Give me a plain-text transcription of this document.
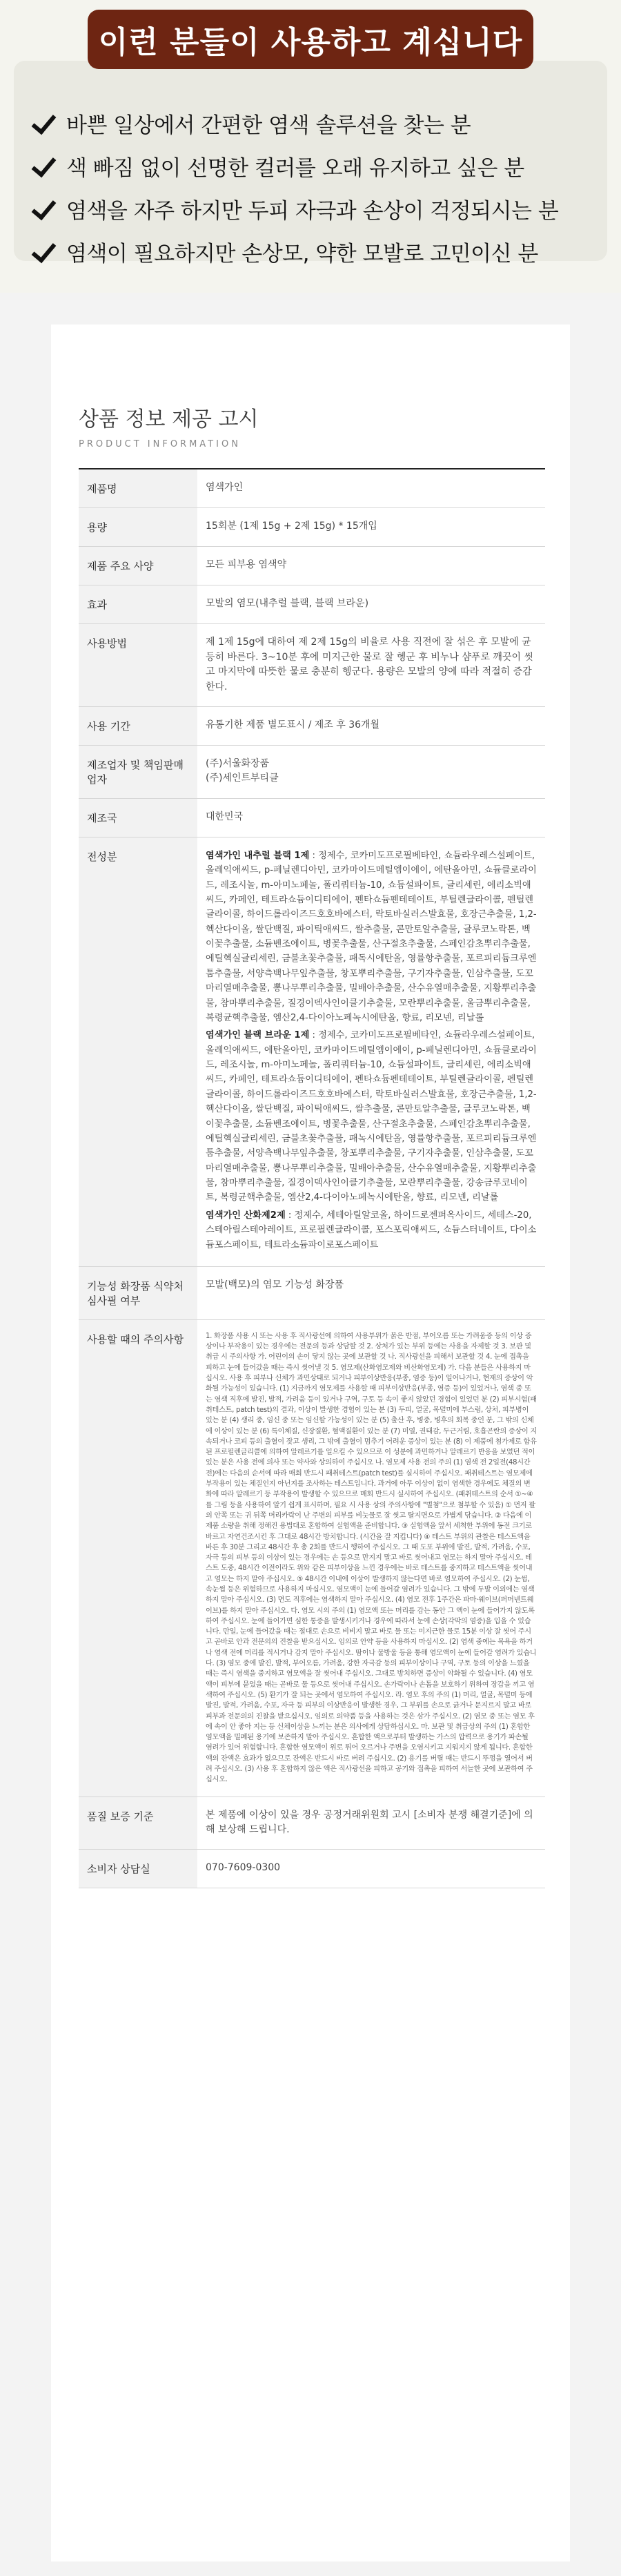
이런 분들이 사용하고 계십니다
바쁜 일상에서 간편한 염색 솔루션을 찾는 분
색 빠짐 없이 선명한 컬러를 오래 유지하고 싶은 분
염색을 자주 하지만 두피 자극과 손상이 걱정되시는 분
염색이 필요하지만 손상모, 약한 모발로 고민이신 분
상품 정보 제공 고시
PRODUCT INFORMATION
제품명	염색가인
용량	15회분 (1제 15g + 2제 15g) * 15개입
제품 주요 사양	모든 피부용 염색약
효과	모발의 염모(내추럴 블랙, 블랙 브라운)
사용방법	제 1제 15g에 대하여 제 2제 15g의 비율로 사용 직전에 잘 섞은 후 모발에 균등히 바른다. 3~10분 후에 미지근한 물로 잘 헹군 후 비누나 샴푸로 깨끗이 씻고 마지막에 따뜻한 물로 충분히 헹군다. 용량은 모발의 양에 따라 적절히 증감한다.
사용 기간	유통기한 제품 별도표시 / 제조 후 36개월
제조업자 및 책임판매업자	(주)서울화장품
(주)세인트부티클
제조국	대한민국
전성분	염색가인 내추럴 블랙 1제 : 정제수, 코카미도프로필베타인, 쇼듐라우레스설페이트, 올레익애씨드, p-페닐렌디아민, 코카마이드메틸엠이에이, 에탄올아민, 쇼듐클로라이드, 레조시놀, m-아미노페놀, 폴리쿼터늄-10, 쇼듐설파이트, 글리세린, 에리소빅애씨드, 카페인, 테트라쇼듐이디티에이, 펜타쇼듐펜테테이트, 부틸렌글라이콜, 펜틸렌글라이콜, 하이드롤라이즈드호호바에스터, 락토바실러스발효물, 호장근추출물, 1,2-헥산다이올, 쌀단백질, 파이틱애씨드, 쌀추출물, 콘만토알추출물, 글루코노락톤, 벡이꽃추출물, 소듐벤조에이트, 병꽃추출물, 산구절초추출물, 스페인감초뿌리추출물, 에틸헥실글리세린, 금불초꽃추출물, 패독시에탄올, 영률항추출물, 포르피리듐크루엔툼추출물, 서양측백나무잎추출물, 창포뿌리추출물, 구기자추출물, 인삼추출물, 도꼬마리열매추출물, 뽕나무뿌리추출물, 밀배아추출물, 산수유열매추출물, 지황뿌리추출물, 참마뿌리추출물, 질경이덱사인이클기추출물, 모란뿌리추출물, 울금뿌리추출물, 복령균핵추출물, 엠산2,4-다이아노페녹시에탄올, 향료, 리모넨, 리날롤

염색가인 블랙 브라운 1제 : 정제수, 코카미도프로필베타인, 쇼듐라우레스설페이트, 올레익애씨드, 에탄올아민, 코카마이드메틸엠이에이, p-페닐렌디아민, 쇼듐클로라이드, 레조시놀, m-아미노페놀, 폴리쿼터늄-10, 쇼듐설파이트, 글리세린, 에리소빅애씨드, 카페인, 테트라쇼듐이디티에이, 펜타쇼듐펜테테이트, 부틸렌글라이콜, 펜틸렌글라이콜, 하이드롤라이즈드호호바에스터, 락토바실러스발효물, 호장근추출물, 1,2-헥산다이올, 쌀단백질, 파이틱애씨드, 쌀추출물, 콘만토알추출물, 글루코노락톤, 백이꽃추출물, 소듐벤조에이트, 병꽃추출물, 산구절초추출물, 스페인감초뿌리추출물, 에틸헥실글리세린, 금불초꽃추출물, 패녹시에탄올, 영률항추출물, 포르피리듐크루엔툼추출물, 서양측백나무잎추출물, 창포뿌리추출물, 구기자추출물, 인삼추출물, 도꼬마리열매추출물, 뽕나무뿌리추출물, 밀배아추출물, 산수유열매추출물, 지황뿌리추출물, 참마뿌리추출물, 질경이덱사인이클기추출물, 모란뿌리추출물, 강송금루코네이트, 복령균핵추출물, 엠산2,4-다이아노페녹시에탄올, 향료, 리모넨, 리날롤

염색가인 산화제2제 : 정제수, 세테아릴알코올, 하이드로젠퍼옥사이드, 세테스-20, 스테아릴스테아레이트, 프로필렌글라이콜, 포스포릭애씨드, 쇼듐스터네이트, 다이소듐포스페이트, 테트라소듐파이로포스페이트

기능성 화장품 식약처 심사필 여부	모발(백모)의 염모 기능성 화장품
사용할 때의 주의사항	1. 화장품 사용 시 또는 사용 후 직사광선에 의하여 사용부위가 붉은 반점, 부어오름 또는 가려움증 등의 이상 증상이나 부작용이 있는 경우에는 전문의 등과 상담할 것 2. 상처가 있는 부위 등에는 사용을 자제할 것 3. 보관 및 취급 시 주의사항 가. 어린이의 손이 닿지 않는 곳에 보관할 것 나. 직사광선을 피해서 보관할 것 4. 눈에 접촉을 피하고 눈에 들어갔을 때는 즉시 씻어낼 것 5. 염모제(산화염모제와 비산화염모제) 가. 다음 분들은 사용하지 마십시오. 사용 후 피부나 신체가 과민상태로 되거나 피부이상반응(부종, 염증 등)이 일어나거나, 현재의 증상이 악화될 가능성이 있습니다. (1) 지금까지 염모제를 사용할 때 피부이상반응(부종, 염증 등)이 있었거나, 염색 중 또는 염색 직후에 발진, 발적, 가려움 등이 있거나 구역, 구토 등 속이 좋지 않았던 경험이 있었던 분 (2) 피부시험(패취테스트, patch test)의 결과, 이상이 발생한 경험이 있는 분 (3) 두피, 얼굴, 목덜미에 부스럼, 상처, 피부병이 있는 분 (4) 생리 중, 임신 중 또는 임신할 가능성이 있는 분 (5) 출산 후, 병중, 병후의 회복 중인 분, 그 밖의 신체에 이상이 있는 분 (6) 특이체질, 신장질환, 혈액질환이 있는 분 (7) 미열, 권태감, 두근거림, 호흡곤란의 증상이 지속되거나 코피 등의 출혈이 잦고 생리, 그 밖에 출혈이 멈추기 어려운 증상이 있는 분 (8) 이 제품에 첨가제로 함유된 프로필렌글리콜에 의하여 알레르기를 일으킬 수 있으므로 이 성분에 과민하거나 알레르기 반응을 보였던 적이 있는 분은 사용 전에 의사 또는 약사와 상의하여 주십시오 나. 염모제 사용 전의 주의 (1) 염색 전 2일전(48시간 전)에는 다음의 순서에 따라 매회 반드시 패취테스트(patch test)를 실시하여 주십시오. 패취테스트는 염모제에 부작용이 있는 체질인지 아닌지를 조사하는 테스트입니다. 과거에 아무 이상이 없이 염색한 경우에도 체질의 변화에 따라 알레르기 등 부작용이 발생할 수 있으므로 매회 반드시 실시하여 주십시오. (패취테스트의 순서 ①~④를 그림 등을 사용하여 알기 쉽게 표시하며, 필요 시 사용 상의 주의사항에 "별첨"으로 첨부할 수 있음) ① 먼저 팔의 안쪽 또는 귀 뒤쪽 머리카락이 난 주변의 피부를 비눗물로 잘 씻고 탈지면으로 가볍게 닦습니다. ② 다음에 이 제품 소량을 취해 정해진 용법대로 혼합하여 실험액을 준비합니다. ③ 실험액을 앞서 세척한 부위에 동전 크기로 바르고 자연건조시킨 후 그대로 48시간 방치합니다. (시간을 잘 지킵니다) ④ 테스트 부위의 관찰은 테스트액을 바른 후 30분 그리고 48시간 후 총 2회를 반드시 행하여 주십시오. 그 때 도포 부위에 발진, 발적, 가려움, 수포, 자극 등의 피부 등의 이상이 있는 경우에는 손 등으로 만지지 말고 바로 씻어내고 염모는 하지 말아 주십시오. 테스트 도중, 48시간 이전이라도 위와 같은 피부이상을 느낀 경우에는 바로 테스트를 중지하고 테스트액을 씻어내고 염모는 하지 말아 주십시오. ⑤ 48시간 이내에 이상이 발생하지 않는다면 바로 염모하여 주십시오. (2) 눈썹, 속눈썹 등은 위험하므로 사용하지 마십시오. 염모액이 눈에 들어갈 염려가 있습니다. 그 밖에 두발 이외에는 염색하지 말아 주십시오. (3) 면도 직후에는 염색하지 말아 주십시오. (4) 염모 전후 1주간은 파마·웨이브(퍼머넨트웨이브)를 하지 말아 주십시오. 다. 염모 시의 주의 (1) 염모액 또는 머리를 감는 동안 그 액이 눈에 들어가지 않도록 하여 주십시오. 눈에 들어가면 심한 통증을 발생시키거나 경우에 따라서 눈에 손상(각막의 염증)을 입을 수 있습니다. 만일, 눈에 들어갔을 때는 절대로 손으로 비비지 말고 바로 물 또는 미지근한 물로 15분 이상 잘 씻어 주시고 곧바로 안과 전문의의 진찰을 받으십시오. 임의로 안약 등을 사용하지 마십시오. (2) 염색 중에는 목욕을 하거나 염색 전에 머리를 적시거나 감지 말아 주십시오. 땀이나 물방울 등을 통해 염모액이 눈에 들어갈 염려가 있습니다. (3) 염모 중에 발진, 발적, 부어오름, 가려움, 강한 자극감 등의 피부이상이나 구역, 구토 등의 이상을 느꼈을 때는 즉시 염색을 중지하고 염모액을 잘 씻어내 주십시오. 그대로 방치하면 증상이 악화될 수 있습니다. (4) 염모액이 피부에 묻었을 때는 곧바로 물 등으로 씻어내 주십시오. 손가락이나 손톱을 보호하기 위하여 장갑을 끼고 염색하여 주십시오. (5) 환기가 잘 되는 곳에서 염모하여 주십시오. 라. 염모 후의 주의 (1) 머리, 얼굴, 목덜미 등에 발진, 발적, 가려움, 수포, 자극 등 피부의 이상반응이 발생한 경우, 그 부위를 손으로 긁거나 문지르지 말고 바로 피부과 전문의의 진찰을 받으십시오. 임의로 의약품 등을 사용하는 것은 삼가 주십시오. (2) 염모 중 또는 염모 후에 속이 안 좋아 지는 등 신체이상을 느끼는 분은 의사에게 상담하십시오. 마. 보관 및 취급상의 주의 (1) 혼합한 염모액을 밀폐된 용기에 보존하지 말아 주십시오. 혼합한 액으로부터 발생하는 가스의 압력으로 용기가 파손될 염려가 있어 위험합니다. 혼합한 염모액이 위로 튀어 오르거나 주변을 오염시키고 지워지지 않게 됩니다. 혼합한 액의 잔액은 효과가 없으므로 잔액은 반드시 바로 버려 주십시오. (2) 용기를 버릴 때는 반드시 뚜껑을 열어서 버려 주십시오. (3) 사용 후 혼합하지 않은 액은 직사광선을 피하고 공기와 접촉을 피하여 서늘한 곳에 보관하여 주십시오.
품질 보증 기준	본 제품에 이상이 있을 경우 공정거래위원회 고시 [소비자 분쟁 해결기준]에 의해 보상해 드립니다.
소비자 상담실	070-7609-0300
